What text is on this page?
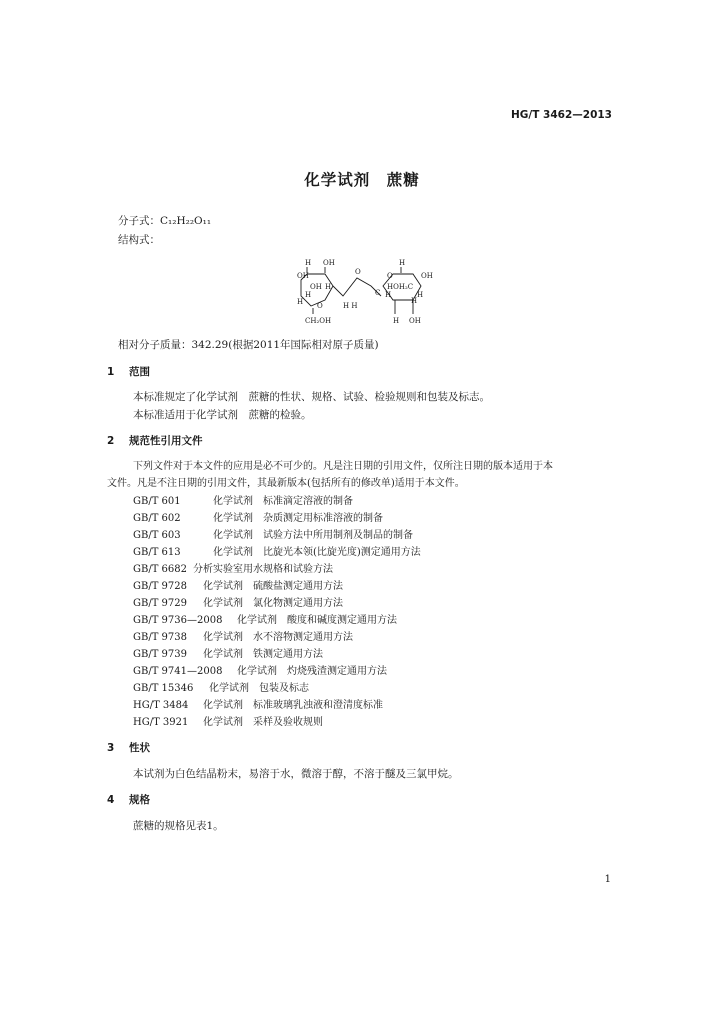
HG/T 3462—2013
化学试剂　蔗糖
分子式：C₁₂H₂₂O₁₁
结构式：
H OH
OH
OH H
H
H O
CH₂OH
O
H H
C
H
O	OH
HOH₂C
H	H
H
H OH
相对分子质量：342.29(根据2011年国际相对原子质量)
1 范围
本标准规定了化学试剂　蔗糖的性状、规格、试验、检验规则和包装及标志。
本标准适用于化学试剂　蔗糖的检验。
2 规范性引用文件
下列文件对于本文件的应用是必不可少的。凡是注日期的引用文件，仅所注日期的版本适用于本
文件。凡是不注日期的引用文件，其最新版本(包括所有的修改单)适用于本文件。
GB/T 601	化学试剂　标准滴定溶液的制备
GB/T 602	化学试剂　杂质测定用标准溶液的制备
GB/T 603	化学试剂　试验方法中所用制剂及制品的制备
GB/T 613	化学试剂　比旋光本领(比旋光度)测定通用方法
GB/T 6682 分析实验室用水规格和试验方法
GB/T 9728 化学试剂　硫酸盐测定通用方法
GB/T 9729 化学试剂　氯化物测定通用方法
GB/T 9736—2008 化学试剂　酸度和碱度测定通用方法
GB/T 9738 化学试剂　水不溶物测定通用方法
GB/T 9739 化学试剂　铁测定通用方法
GB/T 9741—2008 化学试剂　灼烧残渣测定通用方法
GB/T 15346 化学试剂　包装及标志
HG/T 3484 化学试剂　标准玻璃乳浊液和澄清度标准
HG/T 3921 化学试剂　采样及验收规则
3 性状
本试剂为白色结晶粉末，易溶于水，微溶于醇，不溶于醚及三氯甲烷。
4 规格
蔗糖的规格见表1。
1
